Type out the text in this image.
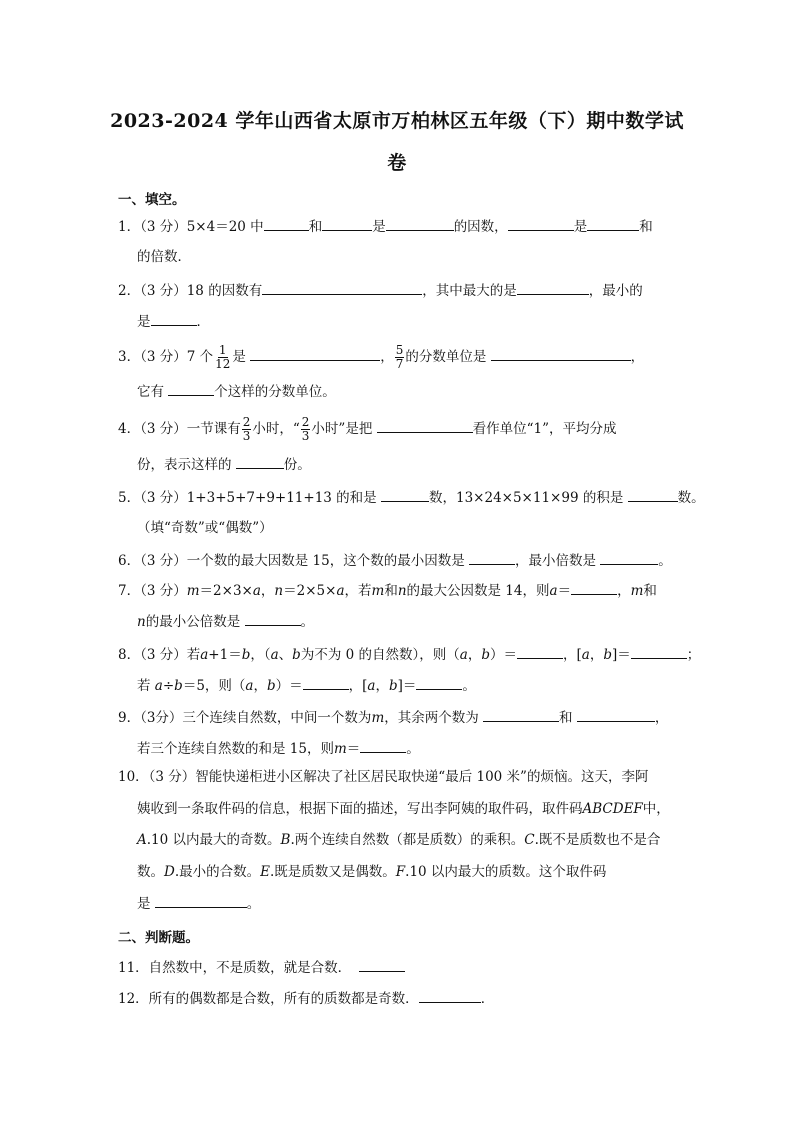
2023-2024 学年山西省太原市万柏林区五年级（下）期中数学试
卷
一、填空。
1．（3 分）5×4＝20 中	和	是	的因数，	是	和
的倍数．
2．（3 分）18 的因数有	，其中最大的是	，最小的
是	．
3．（3 分）7 个 $\frac{1}{12}$ 是	， $\frac{5}{7}$ 的分数单位是	，
它有	个这样的分数单位。
4．（3 分）一节课有 $\frac{2}{3}$ 小时，“ $\frac{2}{3}$ 小时”是把	看作单位“1”，平均分成
份，表示这样的	份。
5．（3 分）1+3+5+7+9+11+13 的和是	数，13×24×5×11×99 的积是	数。
（填“奇数”或“偶数”）
6．（3 分）一个数的最大因数是 15，这个数的最小因数是	，最小倍数是	。
7．（3 分）m＝2×3×a，n＝2×5×a，若m和n的最大公因数是 14，则a＝	，m和
n的最小公倍数是	。
8．（3 分）若a+1＝b，（a、b为不为 0 的自然数），则（a，b）＝	，[a，b]＝	；
若 a÷b＝5，则（a，b）＝	，[a，b]＝	。
9．（3分）三个连续自然数，中间一个数为m，其余两个数为	和	，
若三个连续自然数的和是 15，则m＝	。
10．（3 分）智能快递柜进小区解决了社区居民取快递“最后 100 米”的烦恼。这天，李阿
姨收到一条取件码的信息，根据下面的描述，写出李阿姨的取件码，取件码ABCDEF中，
A.10 以内最大的奇数。B.两个连续自然数（都是质数）的乘积。C.既不是质数也不是合
数。D.最小的合数。E.既是质数又是偶数。F.10 以内最大的质数。这个取件码
是	。
二、判断题。
11．自然数中，不是质数，就是合数．
12．所有的偶数都是合数，所有的质数都是奇数．	．
